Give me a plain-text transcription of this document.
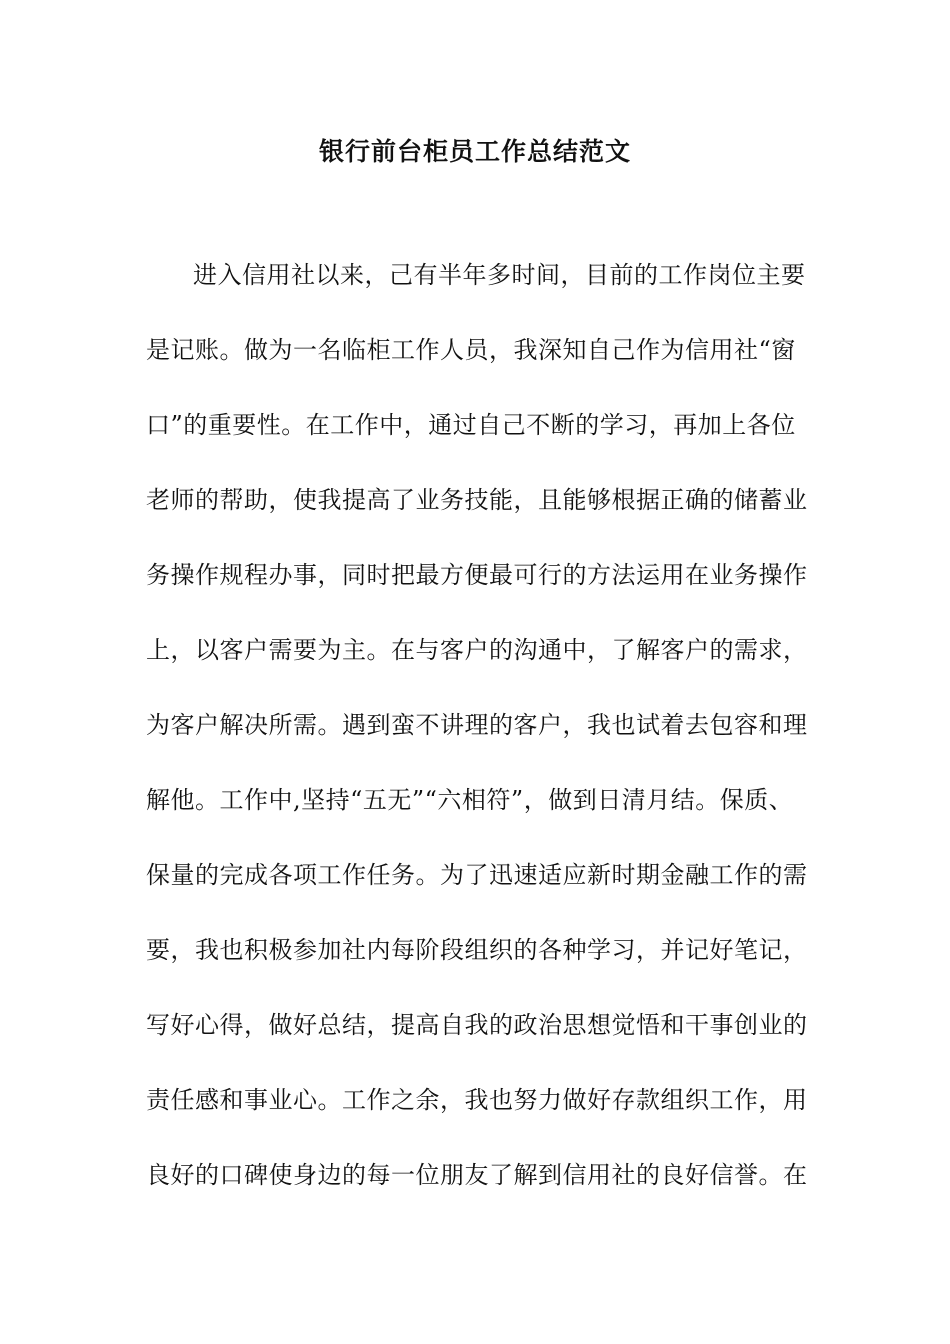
银行前台柜员工作总结范文
进入信用社以来，己有半年多时间，目前的工作岗位主要
是记账。做为一名临柜工作人员，我深知自己作为信用社“窗
口”的重要性。在工作中，通过自己不断的学习，再加上各位
老师的帮助，使我提高了业务技能，且能够根据正确的储蓄业
务操作规程办事，同时把最方便最可行的方法运用在业务操作
上，以客户需要为主。在与客户的沟通中，了解客户的需求，
为客户解决所需。遇到蛮不讲理的客户，我也试着去包容和理
解他。工作中,坚持“五无”“六相符”，做到日清月结。保质、
保量的完成各项工作任务。为了迅速适应新时期金融工作的需
要，我也积极参加社内每阶段组织的各种学习，并记好笔记，
写好心得，做好总结，提高自我的政治思想觉悟和干事创业的
责任感和事业心。工作之余，我也努力做好存款组织工作，用
良好的口碑使身边的每一位朋友了解到信用社的良好信誉。在
